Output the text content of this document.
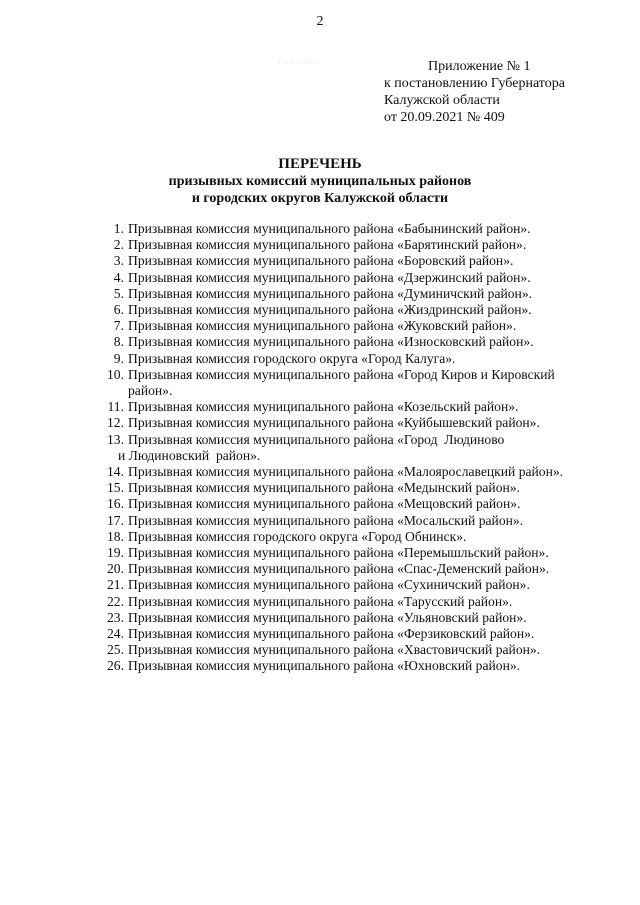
2
. . . . .. .	Приложение № 1
к постановлению Губернатора
Калужской области
от 20.09.2021 № 409
ПЕРЕЧЕНЬ
призывных комиссий муниципальных районов
и городских округов Калужской области
1. Призывная комиссия муниципального района «Бабынинский район».
2. Призывная комиссия муниципального района «Барятинский район».
3. Призывная комиссия муниципального района «Боровский район».
4. Призывная комиссия муниципального района «Дзержинский район».
5. Призывная комиссия муниципального района «Думиничский район».
6. Призывная комиссия муниципального района «Жиздринский район».
7. Призывная комиссия муниципального района «Жуковский район».
8. Призывная комиссия муниципального района «Износковский район».
9. Призывная комиссия городского округа «Город Калуга».
10. Призывная комиссия муниципального района «Город Киров и Кировский
район».
11. Призывная комиссия муниципального района «Козельский район».
12. Призывная комиссия муниципального района «Куйбышевский район».
13. Призывная комиссия муниципального района «Город  Людиново
и Людиновский  район».
14. Призывная комиссия муниципального района «Малоярославецкий район».
15. Призывная комиссия муниципального района «Медынский район».
16. Призывная комиссия муниципального района «Мещовский район».
17. Призывная комиссия муниципального района «Мосальский район».
18. Призывная комиссия городского округа «Город Обнинск».
19. Призывная комиссия муниципального района «Перемышльский район».
20. Призывная комиссия муниципального района «Спас-Деменский район».
21. Призывная комиссия муниципального района «Сухиничский район».
22. Призывная комиссия муниципального района «Тарусский район».
23. Призывная комиссия муниципального района «Ульяновский район».
24. Призывная комиссия муниципального района «Ферзиковский район».
25. Призывная комиссия муниципального района «Хвастовичский район».
26. Призывная комиссия муниципального района «Юхновский район».
